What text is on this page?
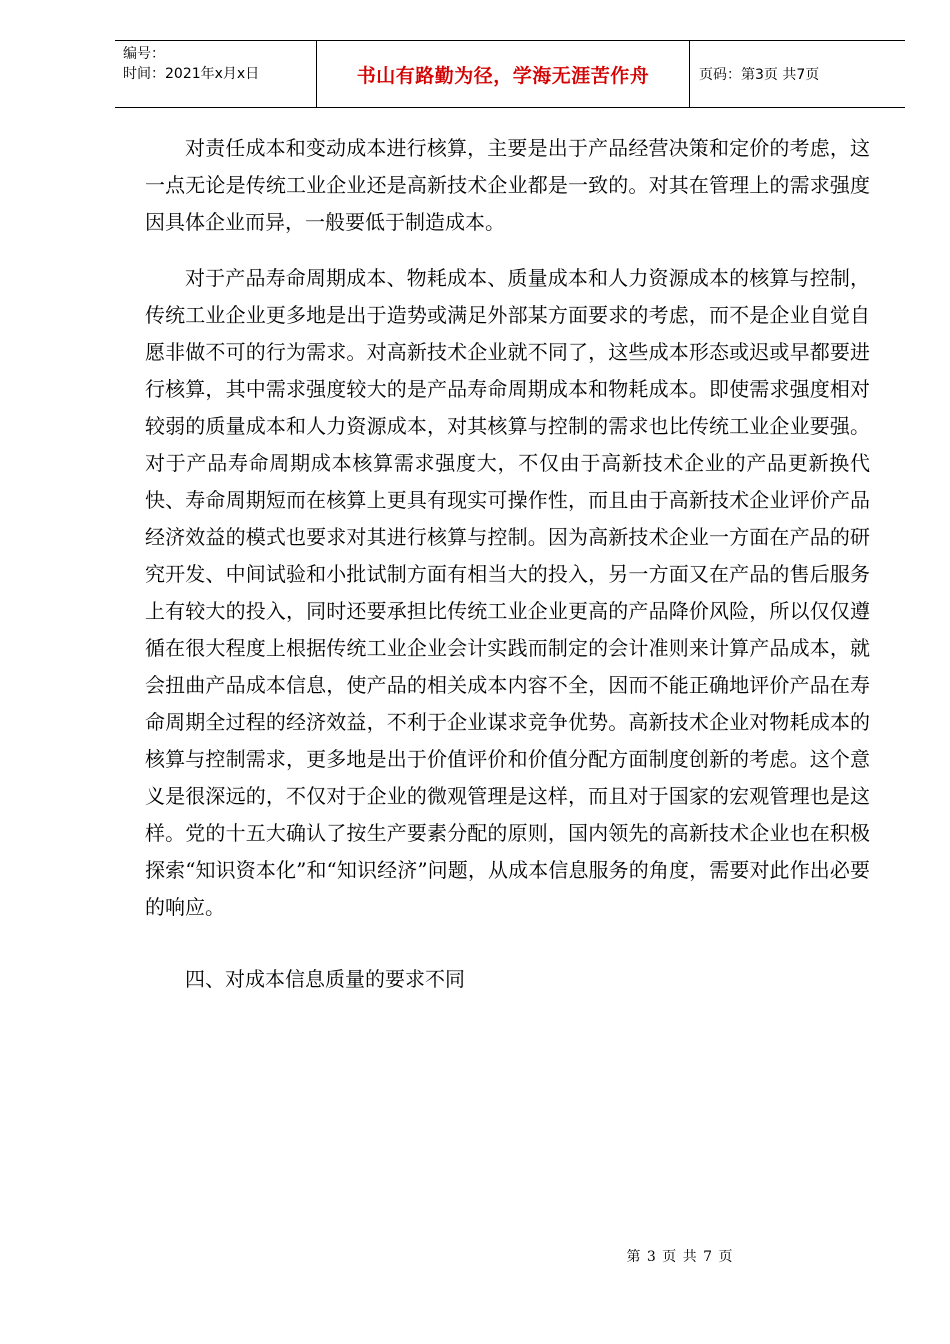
编号：
时间：2021年x月x日	书山有路勤为径，学海无涯苦作舟	页码：第3页 共7页

对责任成本和变动成本进行核算，主要是出于产品经营决策和定价的考虑，这一点无论是传统工业企业还是高新技术企业都是一致的。对其在管理上的需求强度因具体企业而异，一般要低于制造成本。

对于产品寿命周期成本、物耗成本、质量成本和人力资源成本的核算与控制，传统工业企业更多地是出于造势或满足外部某方面要求的考虑，而不是企业自觉自愿非做不可的行为需求。对高新技术企业就不同了，这些成本形态或迟或早都要进行核算，其中需求强度较大的是产品寿命周期成本和物耗成本。即使需求强度相对较弱的质量成本和人力资源成本，对其核算与控制的需求也比传统工业企业要强。对于产品寿命周期成本核算需求强度大，不仅由于高新技术企业的产品更新换代快、寿命周期短而在核算上更具有现实可操作性，而且由于高新技术企业评价产品经济效益的模式也要求对其进行核算与控制。因为高新技术企业一方面在产品的研究开发、中间试验和小批试制方面有相当大的投入，另一方面又在产品的售后服务上有较大的投入，同时还要承担比传统工业企业更高的产品降价风险，所以仅仅遵循在很大程度上根据传统工业企业会计实践而制定的会计准则来计算产品成本，就会扭曲产品成本信息，使产品的相关成本内容不全，因而不能正确地评价产品在寿命周期全过程的经济效益，不利于企业谋求竞争优势。高新技术企业对物耗成本的核算与控制需求，更多地是出于价值评价和价值分配方面制度创新的考虑。这个意义是很深远的，不仅对于企业的微观管理是这样，而且对于国家的宏观管理也是这样。党的十五大确认了按生产要素分配的原则，国内领先的高新技术企业也在积极探索“知识资本化”和“知识经济”问题，从成本信息服务的角度，需要对此作出必要的响应。

四、对成本信息质量的要求不同

第 3 页 共 7 页
